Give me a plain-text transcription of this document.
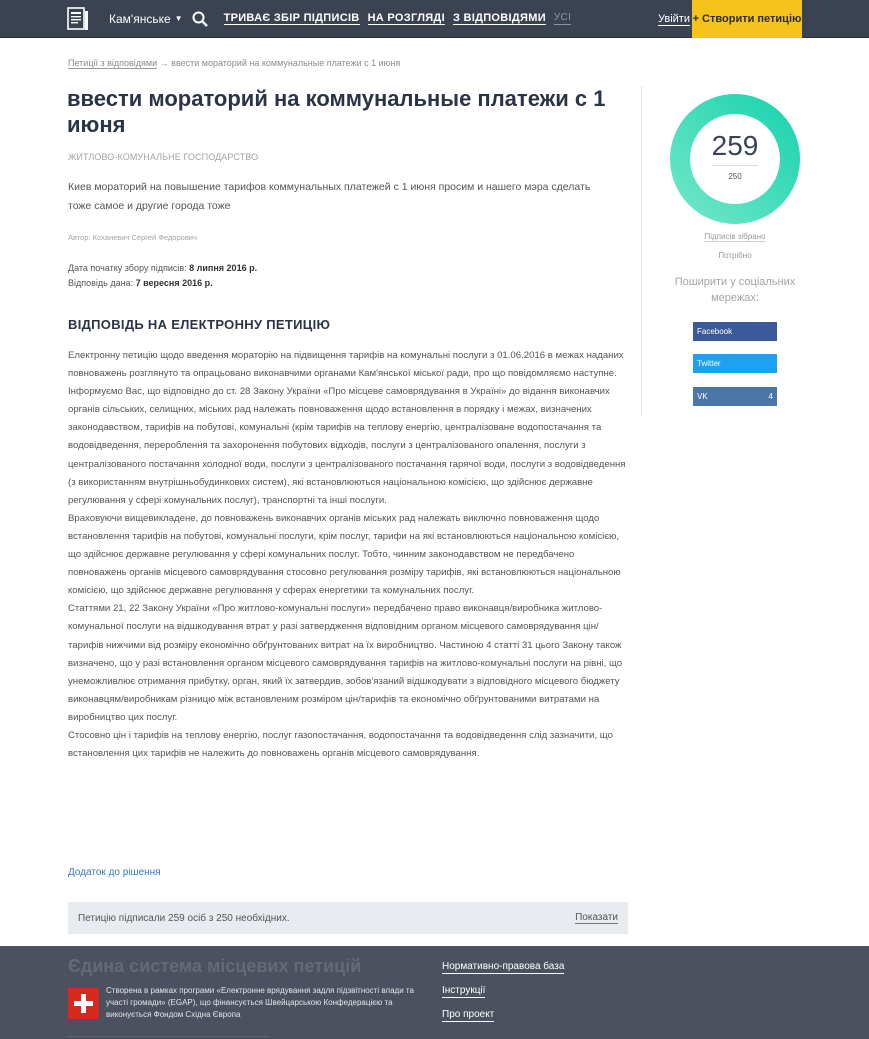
Кам'янське ▼	ТРИВАЄ ЗБІР ПІДПИСІВ НА РОЗГЛЯДІ З ВІДПОВІДЯМИ УСІ	Увійти + Створити петицію
Петиції з відповідями → ввести мораторий на коммунальные платежи с 1 июня
ввести мораторий на коммунальные платежи с 1 июня
ЖИТЛОВО-КОМУНАЛЬНЕ ГОСПОДАРСТВО
Киев мораторий на повышение тарифов коммунальных платежей с 1 июня просим и нашего мэра сделать тоже самое и другие города тоже
Автор: Коханевич Сергей Федорович
Дата початку збору підписів: 8 липня 2016 р.
Відповідь дана: 7 вересня 2016 р.
ВІДПОВІДЬ НА ЕЛЕКТРОННУ ПЕТИЦІЮ

Електронну петицію щодо введення мораторію на підвищення тарифів на комунальні послуги з 01.06.2016 в межах наданих повноважень розглянуто та опрацьовано виконавчими органами Кам'янської міської ради, про що повідомляємо наступне.

Інформуємо Вас, що відповідно до ст. 28 Закону України «Про місцеве самоврядування в Україні» до відання виконавчих органів сільських, селищних, міських рад належать повноваження щодо встановлення в порядку і межах, визначених законодавством, тарифів на побутові, комунальні (крім тарифів на теплову енергію, централізоване водопостачання та водовідведення, перероблення та захоронення побутових відходів, послуги з централізованого опалення, послуги з централізованого постачання холодної води, послуги з централізованого постачання гарячої води, послуги з водовідведення (з використанням внутрішньобудинкових систем), які встановлюються національною комісією, що здійснює державне регулювання у сфері комунальних послуг), транспортні та інші послуги.

Враховуючи вищевикладене, до повноважень виконавчих органів міських рад належать виключно повноваження щодо встановлення тарифів на побутові, комунальні послуги, крім послуг, тарифи на які встановлюються національною комісією, що здійснює державне регулювання у сфері комунальних послуг. Тобто, чинним законодавством не передбачено повноважень органів місцевого самоврядування стосовно регулювання розміру тарифів, які встановлюються національною комісією, що здійснює державне регулювання у сферах енергетики та комунальних послуг.

Статтями 21, 22 Закону України «Про житлово-комунальні послуги» передбачено право виконавця/виробника житлово-комунальної послуги на відшкодування втрат у разі затвердження відповідним органом місцевого самоврядування цін/тарифів нижчими від розміру економічно обґрунтованих витрат на їх виробництво. Частиною 4 статті 31 цього Закону також визначено, що у разі встановлення органом місцевого самоврядування тарифів на житлово-комунальні послуги на рівні, що унеможливлює отримання прибутку, орган, який їх затвердив, зобов'язаний відшкодувати з відповідного місцевого бюджету виконавцям/виробникам різницю між встановленим розміром цін/тарифів та економічно обґрунтованими витратами на виробництво цих послуг.

Стосовно цін і тарифів на теплову енергію, послуг газопостачання, водопостачання та водовідведення слід зазначити, що встановлення цих тарифів не належить до повноважень органів місцевого самоврядування.

Додаток до рішення
Петицію підписали 259 осіб з 250 необхідних.	Показати
259
250
Підписів зібрано
Потрібно
Поширити у соціальних мережах:
Facebook
Twitter
VK	4
Єдина система місцевих петицій
Створена в рамках програми «Електронне врядування задля підзвітності влади та участі громади» (EGAP), що фінансується Швейцарською Конфедерацією та виконується Фондом Східна Європа
Нормативно-правова база
Інструкції
Про проект
